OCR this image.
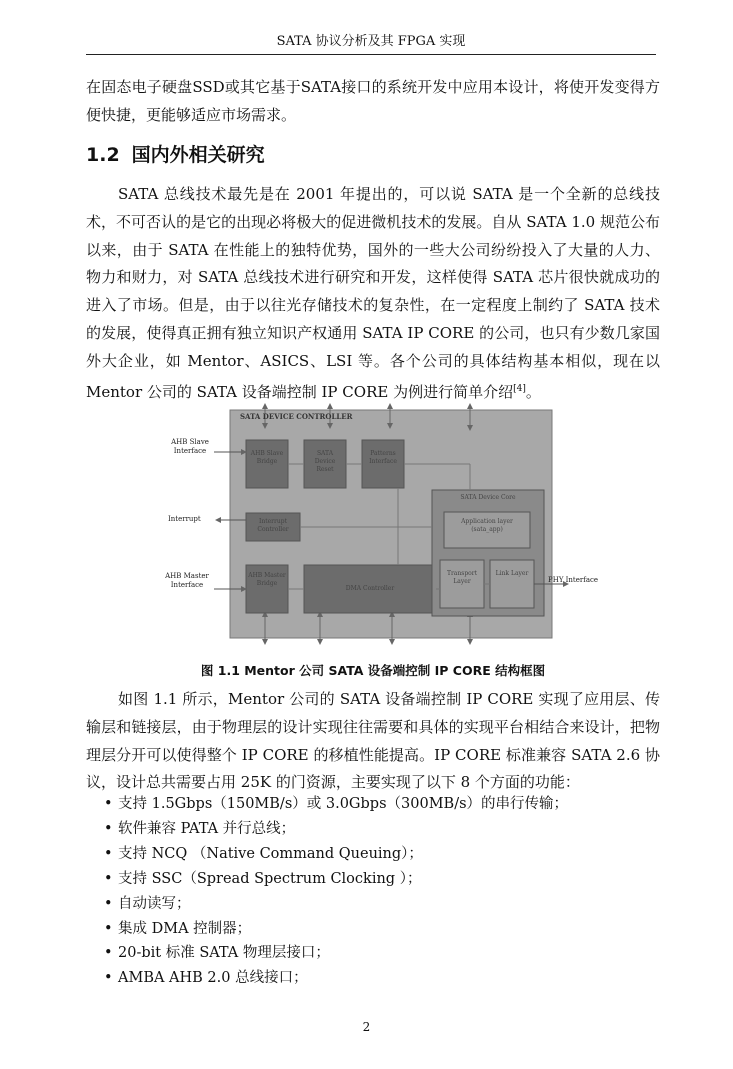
SATA 协议分析及其 FPGA 实现

在固态电子硬盘SSD或其它基于SATA接口的系统开发中应用本设计，将使开发变得方便快捷，更能够适应市场需求。

1.2 国内外相关研究

SATA 总线技术最先是在 2001 年提出的，可以说 SATA 是一个全新的总线技术，不可否认的是它的出现必将极大的促进微机技术的发展。自从 SATA 1.0 规范公布以来，由于 SATA 在性能上的独特优势，国外的一些大公司纷纷投入了大量的人力、物力和财力，对 SATA 总线技术进行研究和开发，这样使得 SATA 芯片很快就成功的进入了市场。但是，由于以往光存储技术的复杂性，在一定程度上制约了 SATA 技术的发展，使得真正拥有独立知识产权通用 SATA IP CORE 的公司，也只有少数几家国外大企业，如 Mentor、ASICS、LSI 等。各个公司的具体结构基本相似，现在以 Mentor 公司的 SATA 设备端控制 IP CORE 为例进行简单介绍[4]。

SATA DEVICE CONTROLLER
AHB Slave Interface
Interrupt
AHB Master Interface
PHY Interface
AHB Slave Bridge
SATA Device Reset
Patterns Interface
Interrupt Controller
AHB Master Bridge
DMA Controller
SATA Device Core
Application layer (sata_app)
Transport Layer
Link Layer
图 1.1 Mentor 公司 SATA 设备端控制 IP CORE 结构框图

如图 1.1 所示，Mentor 公司的 SATA 设备端控制 IP CORE 实现了应用层、传输层和链接层，由于物理层的设计实现往往需要和具体的实现平台相结合来设计，把物理层分开可以使得整个 IP CORE 的移植性能提高。IP CORE 标准兼容 SATA 2.6 协议，设计总共需要占用 25K 的门资源，主要实现了以下 8 个方面的功能：

• 支持 1.5Gbps（150MB/s）或 3.0Gbps（300MB/s）的串行传输；
• 软件兼容 PATA 并行总线；
• 支持 NCQ （Native Command Queuing）；
• 支持 SSC（Spread Spectrum Clocking ）；
• 自动读写；
• 集成 DMA 控制器；
• 20-bit 标准 SATA 物理层接口；
• AMBA AHB 2.0 总线接口；
2
